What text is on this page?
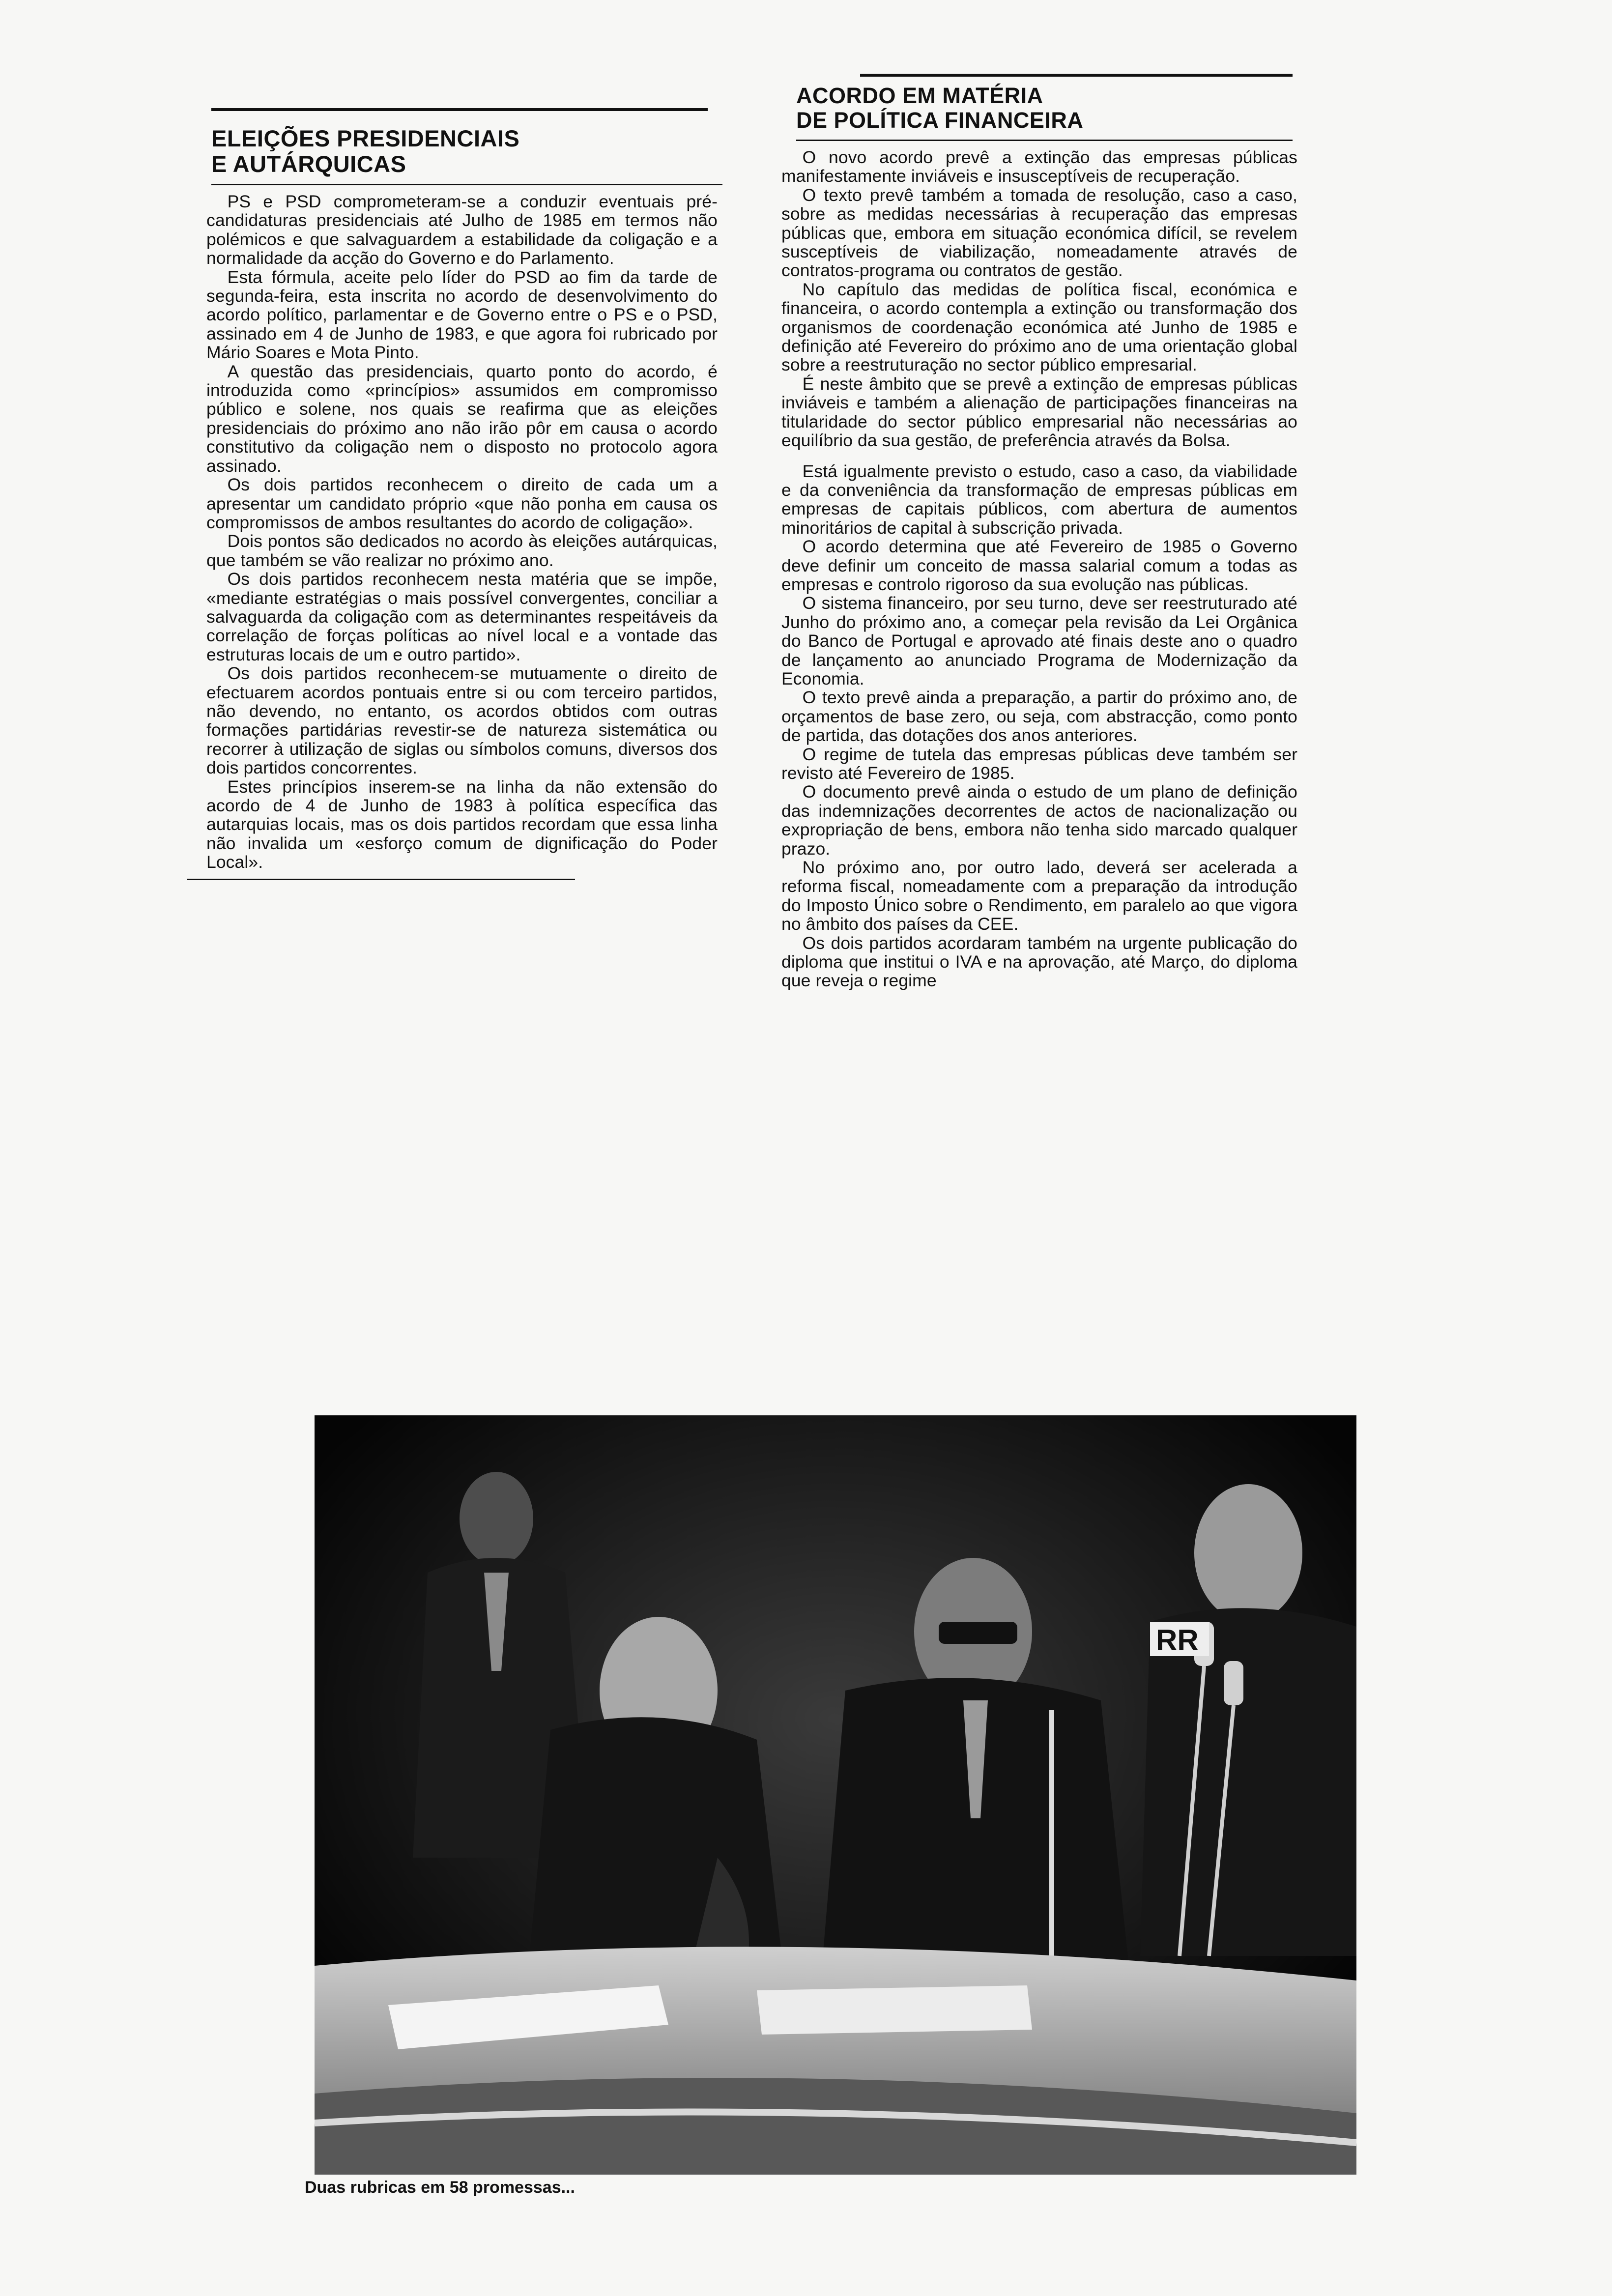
ELEIÇÕES PRESIDENCIAIS
E AUTÁRQUICAS

PS e PSD comprometeram-se a conduzir eventuais pré-candidaturas presidenciais até Julho de 1985 em termos não polémicos e que salvaguardem a estabilidade da coligação e a normalidade da acção do Governo e do Parlamento.

Esta fórmula, aceite pelo líder do PSD ao fim da tarde de segunda-feira, esta inscrita no acordo de desenvolvimento do acordo político, parlamentar e de Governo entre o PS e o PSD, assinado em 4 de Junho de 1983, e que agora foi rubricado por Mário Soares e Mota Pinto.

A questão das presidenciais, quarto ponto do acordo, é introduzida como «princípios» assumidos em compromisso público e solene, nos quais se reafirma que as eleições presidenciais do próximo ano não irão pôr em causa o acordo constitutivo da coligação nem o disposto no protocolo agora assinado.

Os dois partidos reconhecem o direito de cada um a apresentar um candidato próprio «que não ponha em causa os compromissos de ambos resultantes do acordo de coligação».

Dois pontos são dedicados no acordo às eleições autárquicas, que também se vão realizar no próximo ano.

Os dois partidos reconhecem nesta matéria que se impõe, «mediante estratégias o mais possível convergentes, conciliar a salvaguarda da coligação com as determinantes respeitáveis da correlação de forças políticas ao nível local e a vontade das estruturas locais de um e outro partido».

Os dois partidos reconhecem-se mutuamente o direito de efectuarem acordos pontuais entre si ou com terceiro partidos, não devendo, no entanto, os acordos obtidos com outras formações partidárias revestir-se de natureza sistemática ou recorrer à utilização de siglas ou símbolos comuns, diversos dos dois partidos concorrentes.

Estes princípios inserem-se na linha da não extensão do acordo de 4 de Junho de 1983 à política específica das autarquias locais, mas os dois partidos recordam que essa linha não invalida um «esforço comum de dignificação do Poder Local».

ACORDO EM MATÉRIA
DE POLÍTICA FINANCEIRA

O novo acordo prevê a extinção das empresas públicas manifestamente inviáveis e insusceptíveis de recuperação.

O texto prevê também a tomada de resolução, caso a caso, sobre as medidas necessárias à recuperação das empresas públicas que, embora em situação económica difícil, se revelem susceptíveis de viabilização, nomeadamente através de contratos-programa ou contratos de gestão.

No capítulo das medidas de política fiscal, económica e financeira, o acordo contempla a extinção ou transformação dos organismos de coordenação económica até Junho de 1985 e definição até Fevereiro do próximo ano de uma orientação global sobre a reestruturação no sector público empresarial.

É neste âmbito que se prevê a extinção de empresas públicas inviáveis e também a alienação de participações financeiras na titularidade do sector público empresarial não necessárias ao equilíbrio da sua gestão, de preferência através da Bolsa.

Está igualmente previsto o estudo, caso a caso, da viabilidade e da conveniência da transformação de empresas públicas em empresas de capitais públicos, com abertura de aumentos minoritários de capital à subscrição privada.

O acordo determina que até Fevereiro de 1985 o Governo deve definir um conceito de massa salarial comum a todas as empresas e controlo rigoroso da sua evolução nas públicas.

O sistema financeiro, por seu turno, deve ser reestruturado até Junho do próximo ano, a começar pela revisão da Lei Orgânica do Banco de Portugal e aprovado até finais deste ano o quadro de lançamento ao anunciado Programa de Modernização da Economia.

O texto prevê ainda a preparação, a partir do próximo ano, de orçamentos de base zero, ou seja, com abstracção, como ponto de partida, das dotações dos anos anteriores.

O regime de tutela das empresas públicas deve também ser revisto até Fevereiro de 1985.

O documento prevê ainda o estudo de um plano de definição das indemnizações decorrentes de actos de nacionalização ou expropriação de bens, embora não tenha sido marcado qualquer prazo.

No próximo ano, por outro lado, deverá ser acelerada a reforma fiscal, nomeadamente com a preparação da introdução do Imposto Único sobre o Rendimento, em paralelo ao que vigora no âmbito dos países da CEE.

Os dois partidos acordaram também na urgente publicação do diploma que institui o IVA e na aprovação, até Março, do diploma que reveja o regime

RR
Duas rubricas em 58 promessas...
